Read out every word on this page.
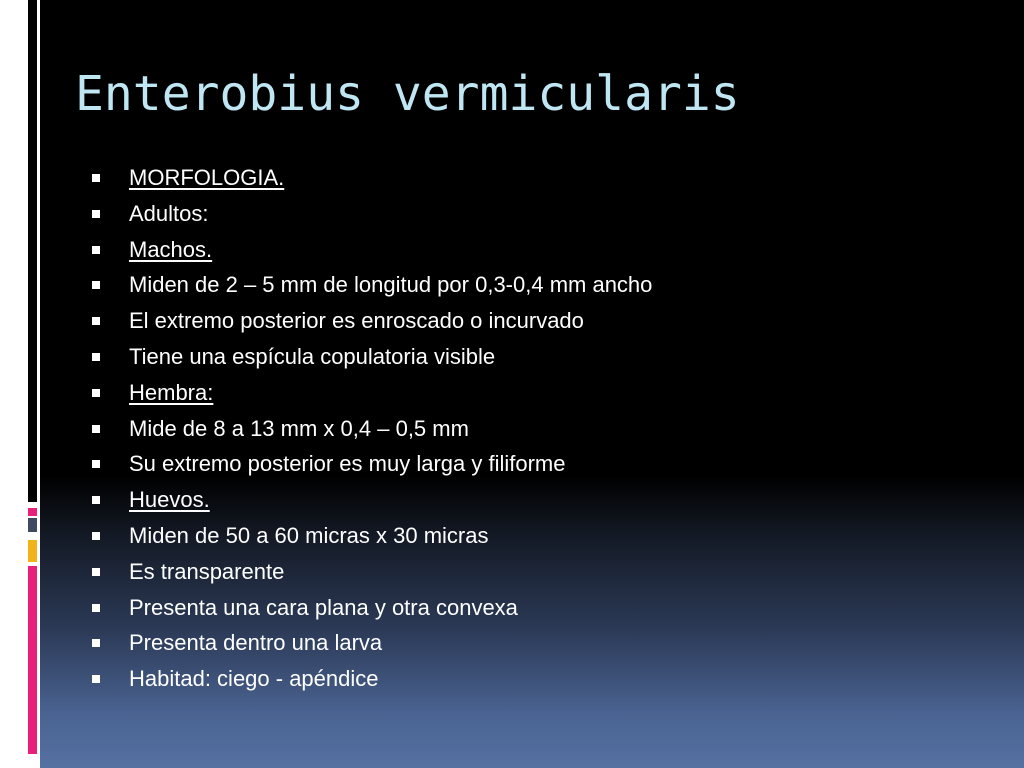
Enterobius vermicularis
MORFOLOGIA.
Adultos:
Machos.
Miden de 2 – 5 mm de longitud por 0,3-0,4 mm ancho
El extremo posterior es enroscado o incurvado
Tiene una espícula copulatoria visible
Hembra:
Mide de 8 a 13 mm x 0,4 – 0,5 mm
Su extremo posterior es muy larga y filiforme
Huevos.
Miden de 50 a 60 micras x 30 micras
Es transparente
Presenta una cara plana y otra convexa
Presenta dentro una larva
Habitad: ciego - apéndice
